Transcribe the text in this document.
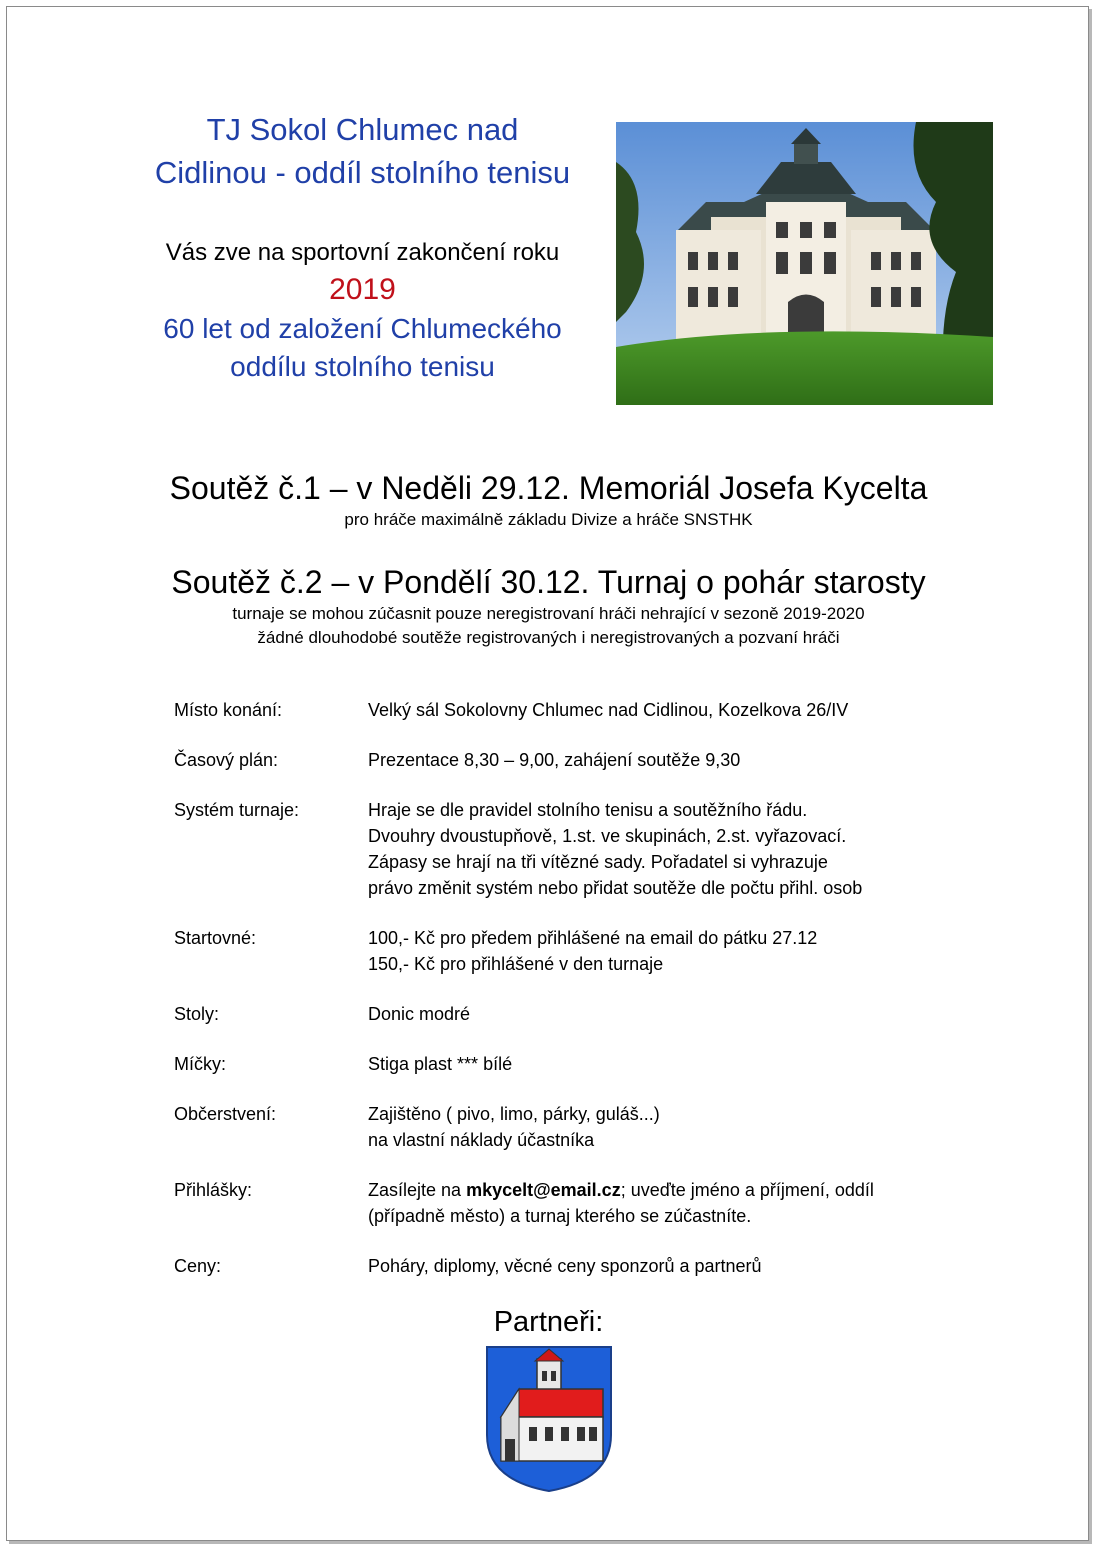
TJ Sokol Chlumec nad
Cidlinou - oddíl stolního tenisu
Vás zve na sportovní zakončení roku
2019
60 let od založení Chlumeckého
oddílu stolního tenisu
Soutěž č.1 – v Neděli 29.12. Memoriál Josefa Kycelta
pro hráče maximálně základu Divize a hráče SNSTHK
Soutěž č.2 – v Pondělí 30.12. Turnaj o pohár starosty
turnaje se mohou zúčasnit pouze neregistrovaní hráči nehrající v sezoně 2019-2020
žádné dlouhodobé soutěže registrovaných i neregistrovaných a pozvaní hráči
Místo konání:	Velký sál Sokolovny Chlumec nad Cidlinou, Kozelkova 26/IV
Časový plán:	Prezentace 8,30 – 9,00, zahájení soutěže 9,30
Systém turnaje:	Hraje se dle pravidel stolního tenisu a soutěžního řádu.
Dvouhry dvoustupňově, 1.st. ve skupinách, 2.st. vyřazovací.
Zápasy se hrají na tři vítězné sady. Pořadatel si vyhrazuje
právo změnit systém nebo přidat soutěže dle počtu přihl. osob
Startovné:	100,- Kč pro předem přihlášené na email do pátku 27.12
150,- Kč pro přihlášené v den turnaje
Stoly:	Donic modré
Míčky:	Stiga plast *** bílé
Občerstvení:	Zajištěno ( pivo, limo, párky, guláš...)
na vlastní náklady účastníka
Přihlášky:	Zasílejte na mkycelt@email.cz; uveďte jméno a příjmení, oddíl
(případně město) a turnaj kterého se zúčastníte.
Ceny:	Poháry, diplomy, věcné ceny sponzorů a partnerů
Partneři:
